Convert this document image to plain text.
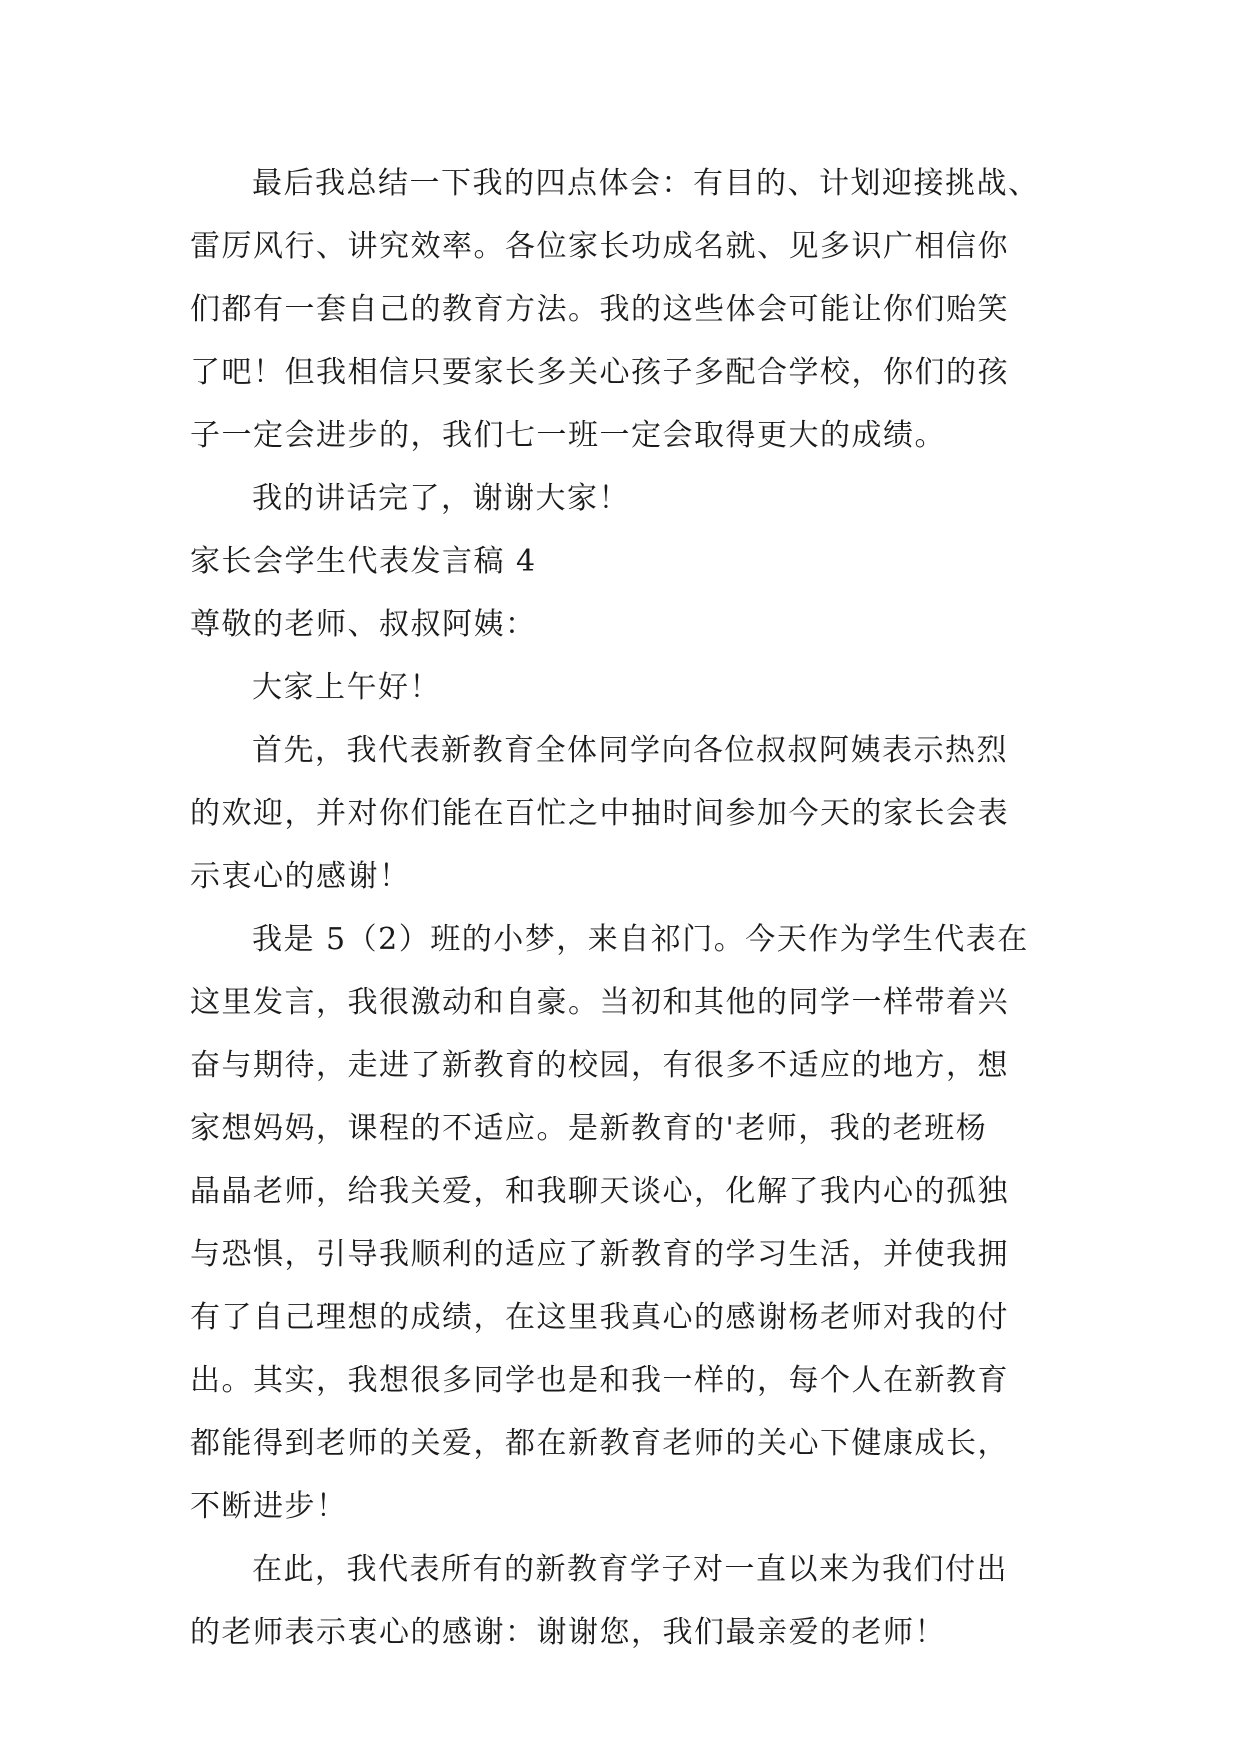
最后我总结一下我的四点体会：有目的、计划迎接挑战、
雷厉风行、讲究效率。各位家长功成名就、见多识广相信你
们都有一套自己的教育方法。我的这些体会可能让你们贻笑
了吧！但我相信只要家长多关心孩子多配合学校，你们的孩
子一定会进步的，我们七一班一定会取得更大的成绩。
我的讲话完了，谢谢大家！
家长会学生代表发言稿 4
尊敬的老师、叔叔阿姨：
大家上午好！
首先，我代表新教育全体同学向各位叔叔阿姨表示热烈
的欢迎，并对你们能在百忙之中抽时间参加今天的家长会表
示衷心的感谢！
我是 5（2）班的小梦，来自祁门。今天作为学生代表在
这里发言，我很激动和自豪。当初和其他的同学一样带着兴
奋与期待，走进了新教育的校园，有很多不适应的地方，想
家想妈妈，课程的不适应。是新教育的'老师，我的老班杨
晶晶老师，给我关爱，和我聊天谈心，化解了我内心的孤独
与恐惧，引导我顺利的适应了新教育的学习生活，并使我拥
有了自己理想的成绩，在这里我真心的感谢杨老师对我的付
出。其实，我想很多同学也是和我一样的，每个人在新教育
都能得到老师的关爱，都在新教育老师的关心下健康成长，
不断进步！
在此，我代表所有的新教育学子对一直以来为我们付出
的老师表示衷心的感谢：谢谢您，我们最亲爱的老师！
